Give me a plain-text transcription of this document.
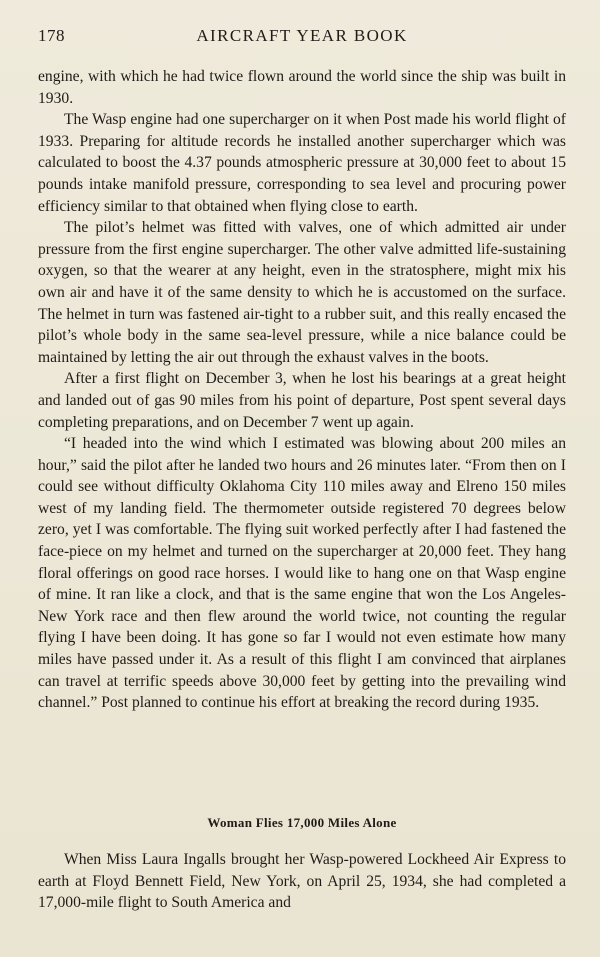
178	AIRCRAFT YEAR BOOK

engine, with which he had twice flown around the world since the ship was built in 1930.

The Wasp engine had one supercharger on it when Post made his world flight of 1933. Preparing for altitude records he installed another supercharger which was calculated to boost the 4.37 pounds atmospheric pressure at 30,000 feet to about 15 pounds intake manifold pressure, corresponding to sea level and procuring power efficiency similar to that obtained when flying close to earth.

The pilot’s helmet was fitted with valves, one of which admitted air under pressure from the first engine supercharger. The other valve admitted life-sustaining oxygen, so that the wearer at any height, even in the stratosphere, might mix his own air and have it of the same density to which he is accustomed on the surface. The helmet in turn was fastened air-tight to a rubber suit, and this really encased the pilot’s whole body in the same sea-level pressure, while a nice balance could be maintained by letting the air out through the exhaust valves in the boots.

After a first flight on December 3, when he lost his bearings at a great height and landed out of gas 90 miles from his point of departure, Post spent several days completing preparations, and on December 7 went up again.

“I headed into the wind which I estimated was blowing about 200 miles an hour,” said the pilot after he landed two hours and 26 minutes later. “From then on I could see without difficulty Oklahoma City 110 miles away and Elreno 150 miles west of my landing field. The thermometer outside registered 70 degrees below zero, yet I was comfortable. The flying suit worked perfectly after I had fastened the face-piece on my helmet and turned on the supercharger at 20,000 feet. They hang floral offerings on good race horses. I would like to hang one on that Wasp engine of mine. It ran like a clock, and that is the same engine that won the Los Angeles-New York race and then flew around the world twice, not counting the regular flying I have been doing. It has gone so far I would not even estimate how many miles have passed under it. As a result of this flight I am convinced that airplanes can travel at terrific speeds above 30,000 feet by getting into the prevailing wind channel.” Post planned to continue his effort at breaking the record during 1935.

Woman Flies 17,000 Miles Alone

When Miss Laura Ingalls brought her Wasp-powered Lockheed Air Express to earth at Floyd Bennett Field, New York, on April 25, 1934, she had completed a 17,000-mile flight to South America and
